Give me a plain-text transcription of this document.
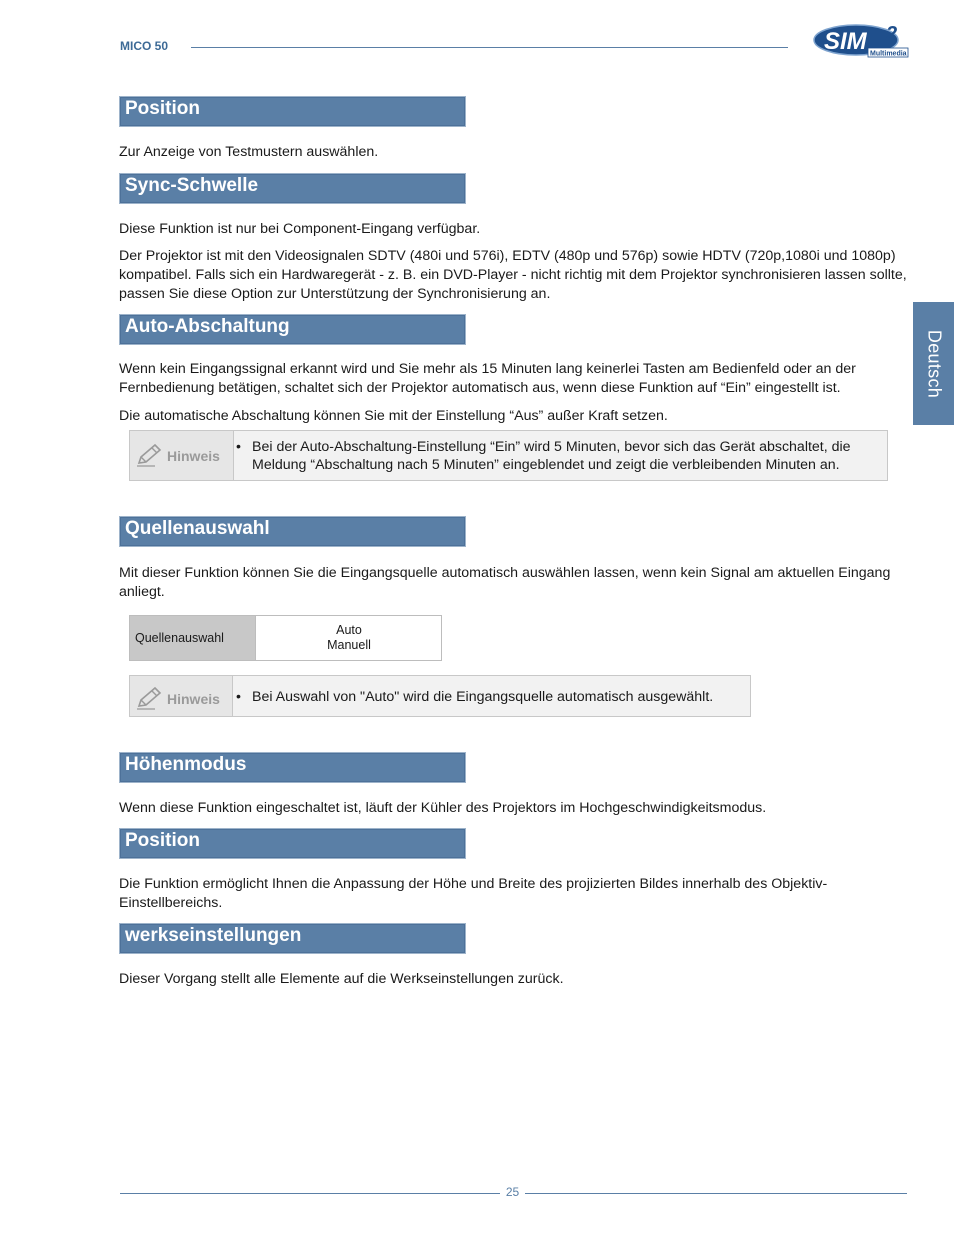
MICO 50	SIM 2
Multimedia
Deutsch
Position
Zur Anzeige von Testmustern auswählen.
Sync-Schwelle
Diese Funktion ist nur bei Component-Eingang verfügbar.
Der Projektor ist mit den Videosignalen SDTV (480i und 576i), EDTV (480p und 576p) sowie HDTV (720p,1080i und 1080p) kompatibel. Falls sich ein Hardwaregerät - z. B. ein DVD-Player - nicht richtig mit dem Projektor synchronisieren lassen sollte, passen Sie diese Option zur Unterstützung der Synchronisierung an.
Auto-Abschaltung
Wenn kein Eingangssignal erkannt wird und Sie mehr als 15 Minuten lang keinerlei Tasten am Bedienfeld oder an der Fernbedienung betätigen, schaltet sich der Projektor automatisch aus, wenn diese Funktion auf “Ein” eingestellt ist.
Die automatische Abschaltung können Sie mit der Einstellung “Aus” außer Kraft setzen.
Hinweis
• Bei der Auto-Abschaltung-Einstellung “Ein” wird 5 Minuten, bevor sich das Gerät abschaltet, die Meldung “Abschaltung nach 5 Minuten” eingeblendet und zeigt die verbleibenden Minuten an.
Quellenauswahl
Mit dieser Funktion können Sie die Eingangsquelle automatisch auswählen lassen, wenn kein Signal am aktuellen Eingang anliegt.
Quellenauswahl
Auto
Manuell
Hinweis • Bei Auswahl von "Auto" wird die Eingangsquelle automatisch ausgewählt.
Höhenmodus
Wenn diese Funktion eingeschaltet ist, läuft der Kühler des Projektors im Hochgeschwindigkeitsmodus.
Position
Die Funktion ermöglicht Ihnen die Anpassung der Höhe und Breite des projizierten Bildes innerhalb des Objektiv-Einstellbereichs.
werkseinstellungen
Dieser Vorgang stellt alle Elemente auf die Werkseinstellungen zurück.
25
